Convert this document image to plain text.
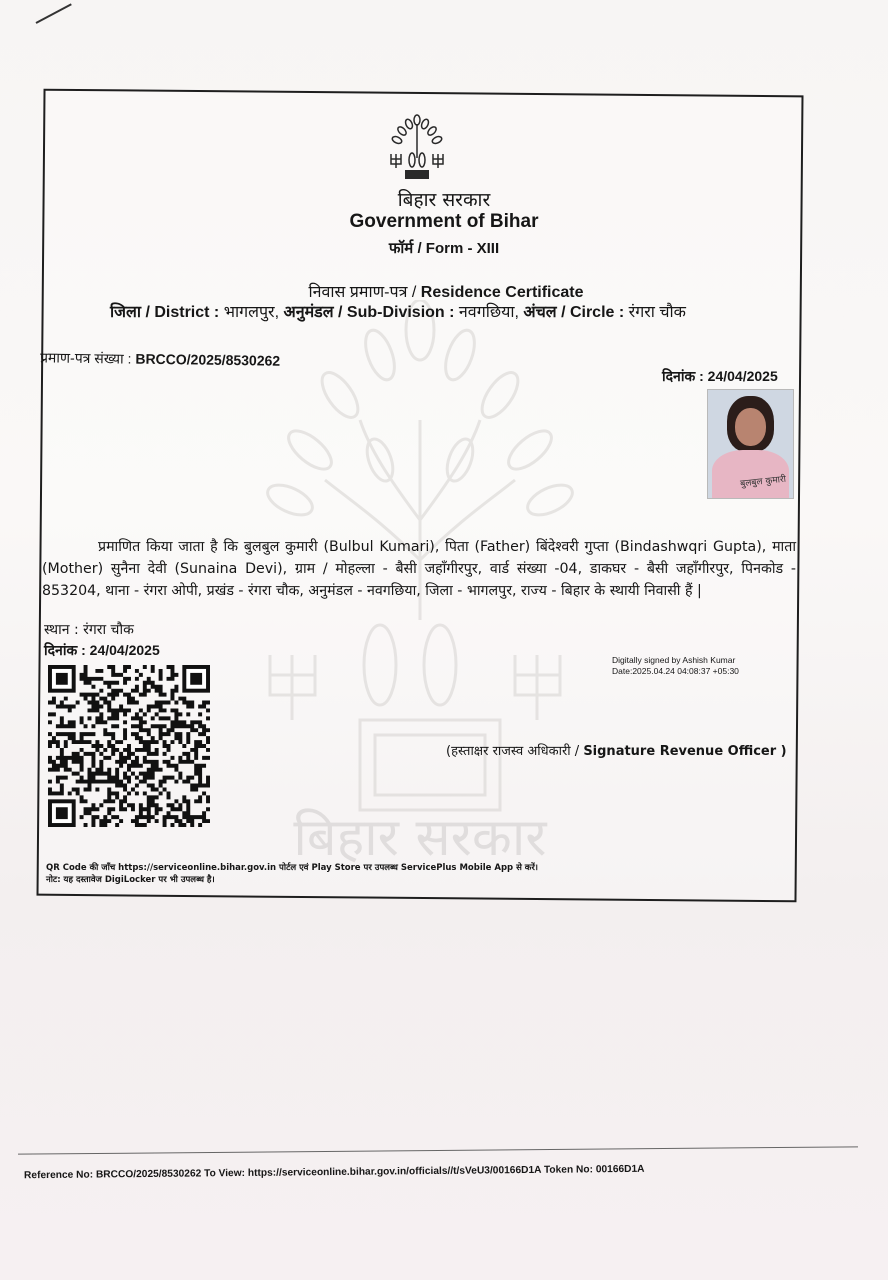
बिहार सरकार
बिहार सरकार
Government of Bihar
फॉर्म / Form - XIII
निवास प्रमाण-पत्र / Residence Certificate
जिला / District : भागलपुर, अनुमंडल / Sub-Division : नवगछिया, अंचल / Circle : रंगरा चौक
प्रमाण-पत्र संख्या : BRCCO/2025/8530262
दिनांक : 24/04/2025
बुलबुल कुमारी
प्रमाणित किया जाता है कि बुलबुल कुमारी (Bulbul Kumari), पिता (Father) बिंदेश्वरी गुप्ता (Bindashwqri Gupta), माता (Mother) सुनैना देवी (Sunaina Devi), ग्राम / मोहल्ला - बैसी जहाँगीरपुर, वार्ड संख्या -04, डाकघर - बैसी जहाँगीरपुर, पिनकोड - 853204, थाना - रंगरा ओपी, प्रखंड - रंगरा चौक, अनुमंडल - नवगछिया, जिला - भागलपुर, राज्य - बिहार के स्थायी निवासी हैं |
स्थान : रंगरा चौक
दिनांक : 24/04/2025
Digitally signed by Ashish Kumar
Date:2025.04.24 04:08:37 +05:30
(हस्ताक्षर राजस्व अधिकारी / Signature Revenue Officer )
QR Code की जाँच https://serviceonline.bihar.gov.in पोर्टल एवं Play Store पर उपलब्ध ServicePlus Mobile App से करें।
नोट: यह दस्तावेज DigiLocker पर भी उपलब्ध है।
Reference No: BRCCO/2025/8530262 To View: https://serviceonline.bihar.gov.in/officials//t/sVeU3/00166D1A Token No: 00166D1A
